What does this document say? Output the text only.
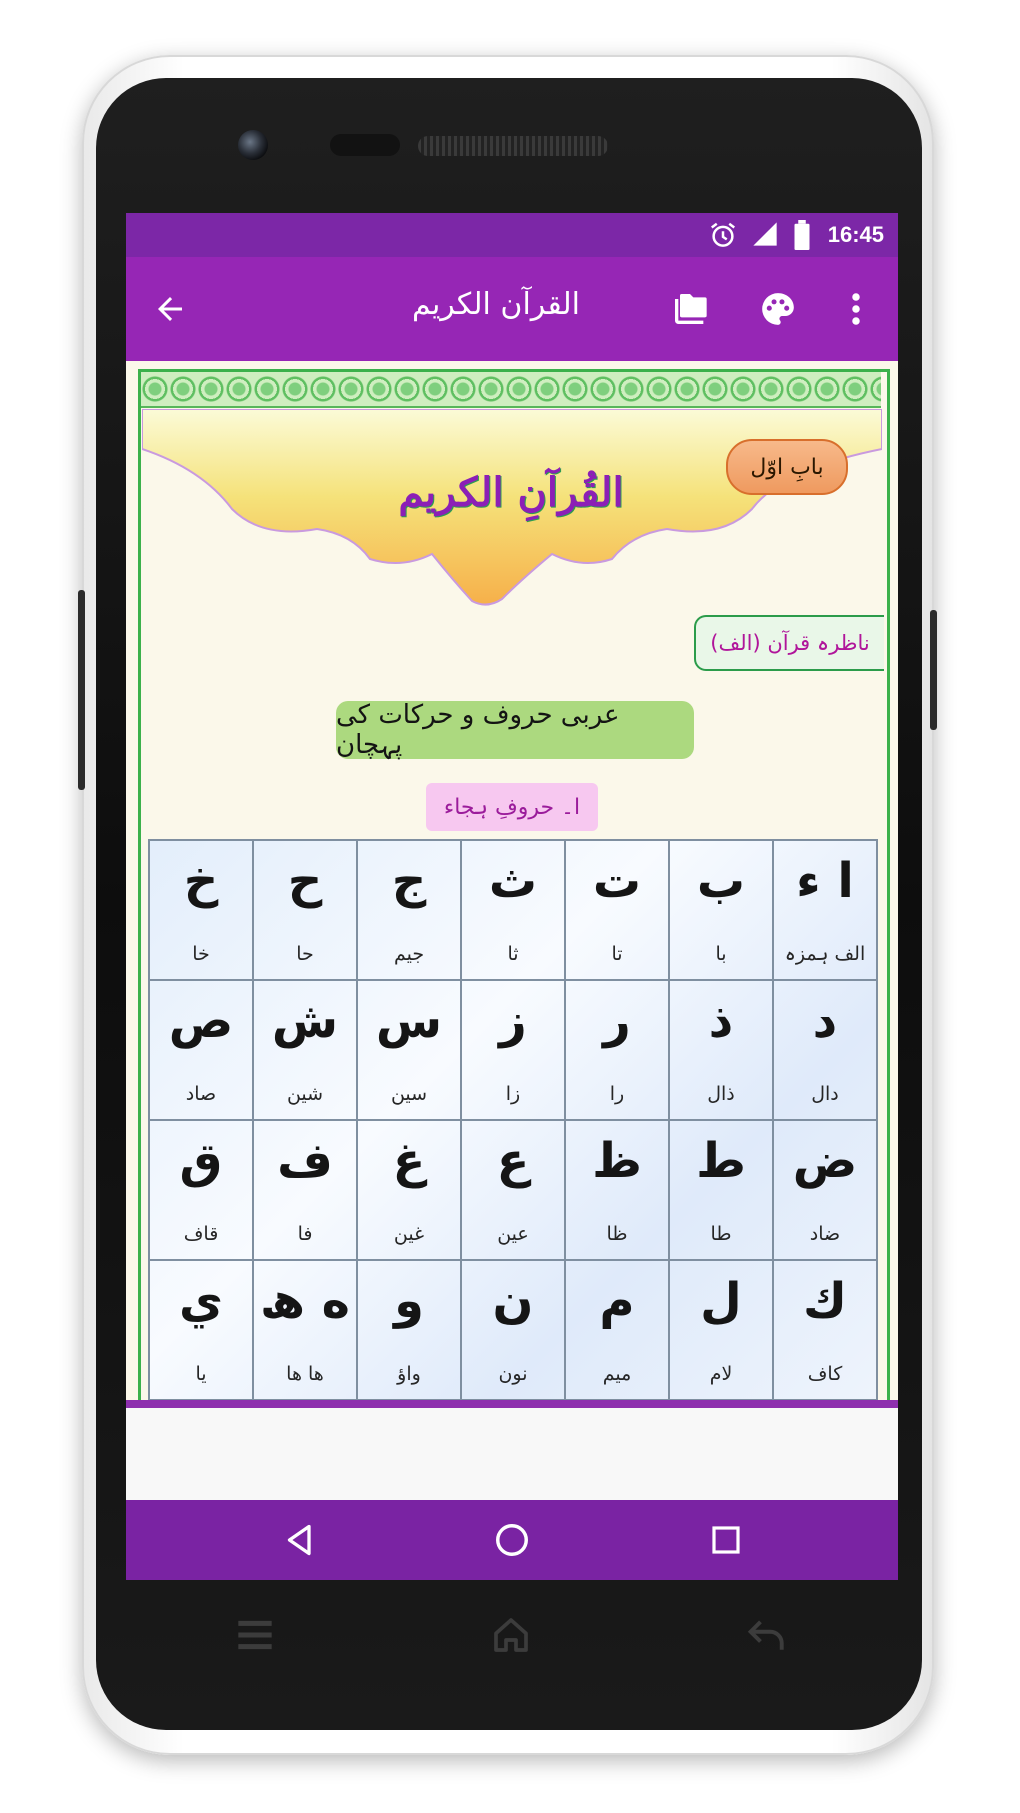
16:45
القرآن الكريم
بابِ اوّل
القُرآنِ الکریم
(الف) ناظرہ قرآن
عربی حروف و حرکات کی پہچان
ا۔ حروفِ ہجاء
ا ء
الف ہمزہ
ب
با
ت
تا
ث
ثا
ج
جیم
ح
حا
خ
خا
د
دال
ذ
ذال
ر
را
ز
زا
س
سین
ش
شین
ص
صاد
ض
ضاد
ط
طا
ظ
ظا
ع
عین
غ
غین
ف
فا
ق
قاف
ك
کاف
ل
لام
م
میم
ن
نون
و
واؤ
ه ھ
ھا ھا
ي
یا
